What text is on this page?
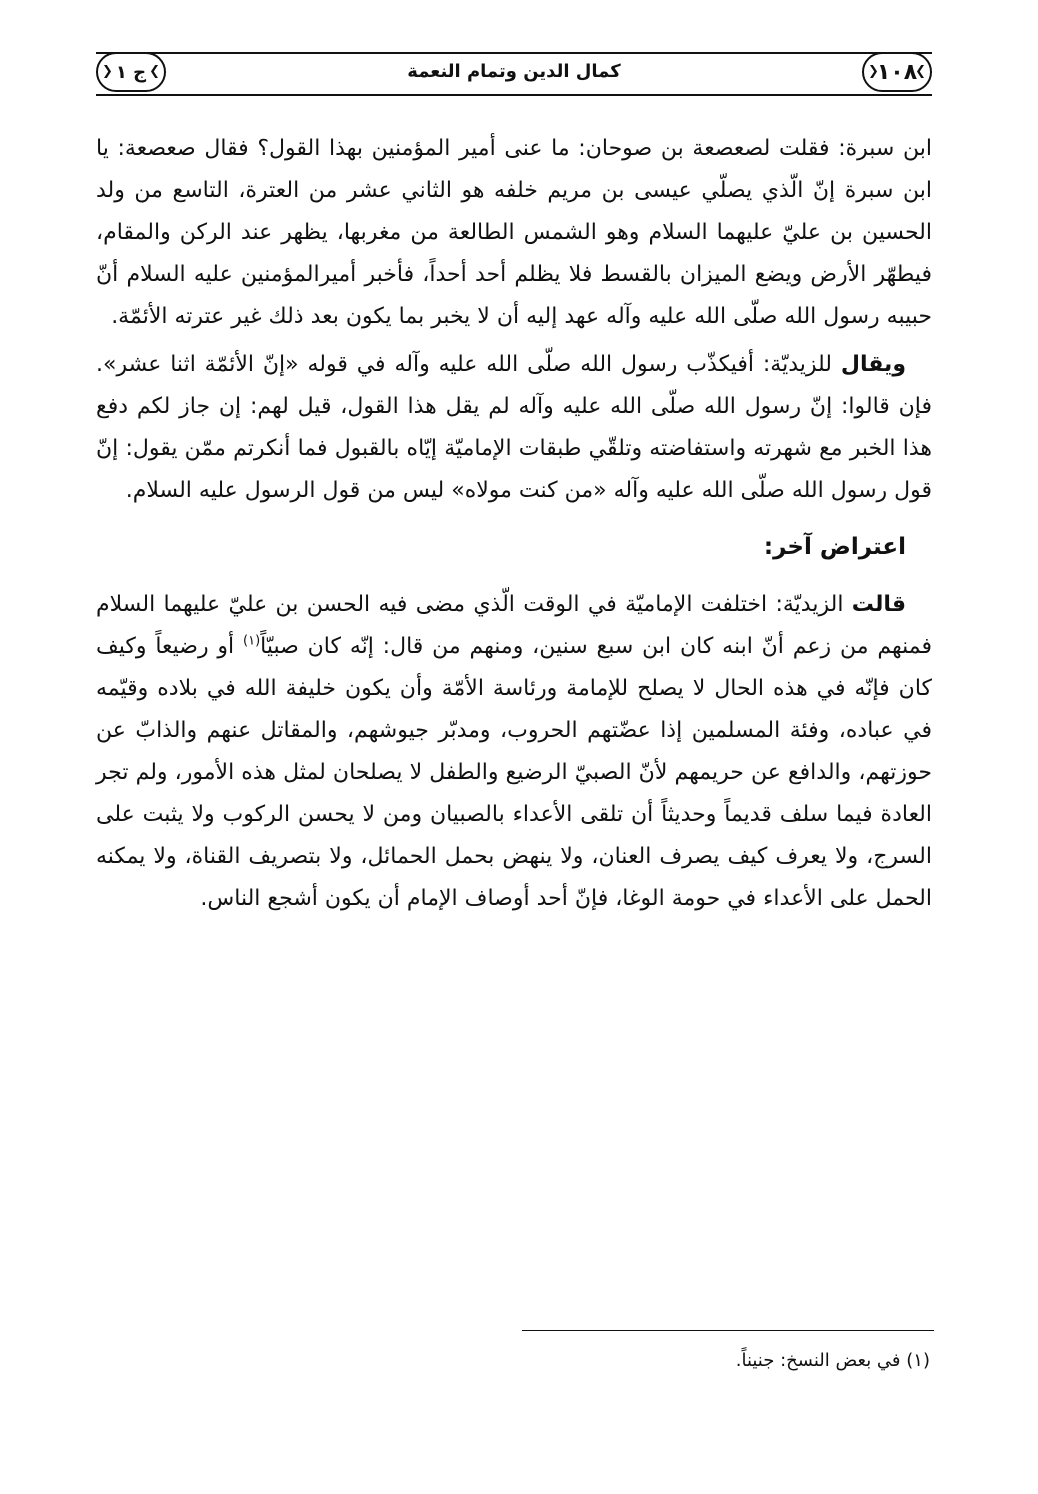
كمال الدين وتمام النعمة	❯
١٠٨
❮
❯
ج ١
❮

ابن سبرة: فقلت لصعصعة بن صوحان: ما عنى أمير المؤمنين بهذا القول؟ فقال صعصعة: يا ابن سبرة إنّ الّذي يصلّي عيسى بن مريم خلفه هو الثاني عشر من العترة، التاسع من ولد الحسين بن عليّ عليهما السلام وهو الشمس الطالعة من مغربها، يظهر عند الركن والمقام، فيطهّر الأرض ويضع الميزان بالقسط فلا يظلم أحد أحداً، فأخبر أميرالمؤمنين عليه السلام أنّ حبيبه رسول الله صلّى الله عليه وآله عهد إليه أن لا يخبر بما يكون بعد ذلك غير عترته الأئمّة.

ويقال للزيديّة: أفيكذّب رسول الله صلّى الله عليه وآله في قوله «إنّ الأئمّة اثنا عشر». فإن قالوا: إنّ رسول الله صلّى الله عليه وآله لم يقل هذا القول، قيل لهم: إن جاز لكم دفع هذا الخبر مع شهرته واستفاضته وتلقّي طبقات الإماميّة إيّاه بالقبول فما أنكرتم ممّن يقول: إنّ قول رسول الله صلّى الله عليه وآله «من كنت مولاه» ليس من قول الرسول عليه السلام.

اعتراض آخر:

قالت الزيديّة: اختلفت الإماميّة في الوقت الّذي مضى فيه الحسن بن عليّ عليهما السلام فمنهم من زعم أنّ ابنه كان ابن سبع سنين، ومنهم من قال: إنّه كان صبيّاً$^{(١)}$ أو رضيعاً وكيف كان فإنّه في هذه الحال لا يصلح للإمامة ورئاسة الأمّة وأن يكون خليفة الله في بلاده وقيّمه في عباده، وفئة المسلمين إذا عضّتهم الحروب، ومدبّر جيوشهم، والمقاتل عنهم والذابّ عن حوزتهم، والدافع عن حريمهم لأنّ الصبيّ الرضيع والطفل لا يصلحان لمثل هذه الأمور، ولم تجر العادة فيما سلف قديماً وحديثاً أن تلقى الأعداء بالصبيان ومن لا يحسن الركوب ولا يثبت على السرج، ولا يعرف كيف يصرف العنان، ولا ينهض بحمل الحمائل، ولا بتصريف القناة، ولا يمكنه الحمل على الأعداء في حومة الوغا، فإنّ أحد أوصاف الإمام أن يكون أشجع الناس.

(١) في بعض النسخ: جنيناً.
